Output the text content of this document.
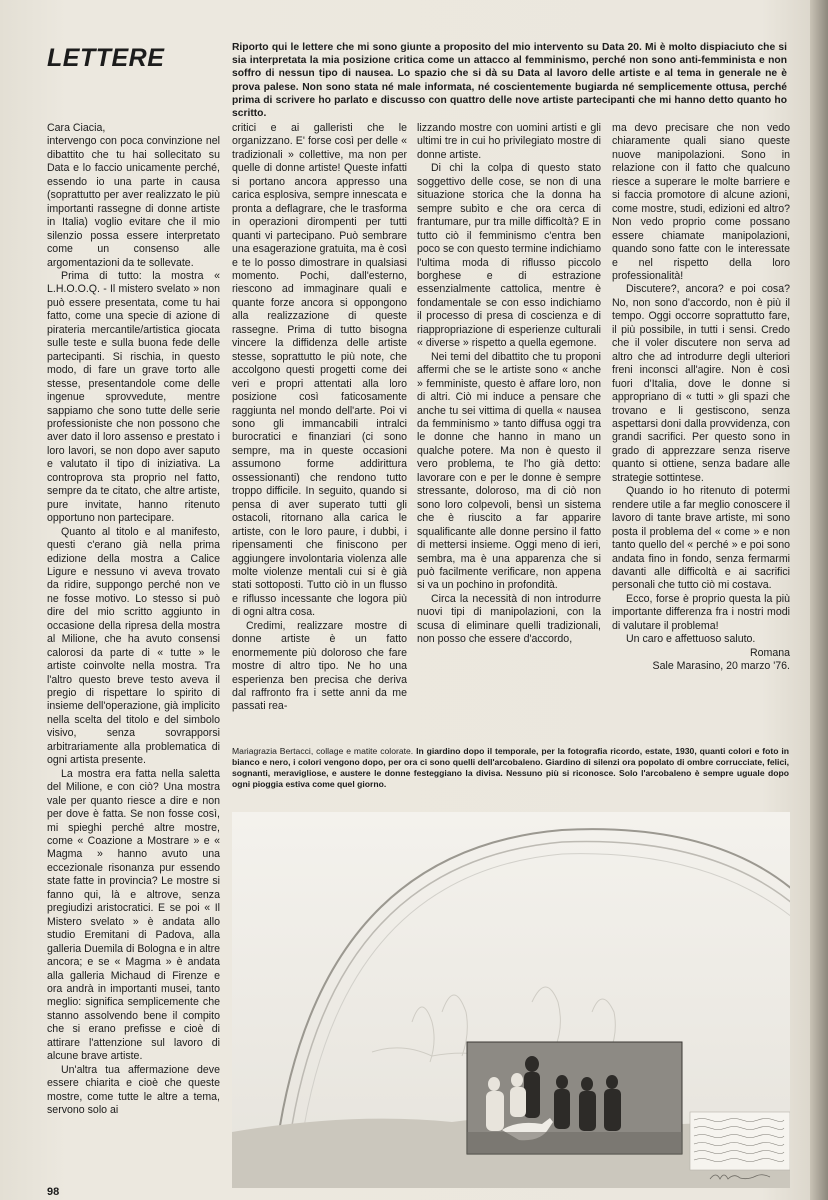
LETTERE	Riporto qui le lettere che mi sono giunte a proposito del mio intervento su Data 20. Mi è molto dispiaciuto che si sia interpretata la mia posizione critica come un attacco al femminismo, perché non sono anti-femminista e non soffro di nessun tipo di nausea. Lo spazio che si dà su Data al lavoro delle artiste e al tema in generale ne è prova palese. Non sono stata né male informata, né coscientemente bugiarda né semplicemente ottusa, perché prima di scrivere ho parlato e discusso con quattro delle nove artiste partecipanti che mi hanno detto quanto ho scritto.

Cara Ciacia,

intervengo con poca convinzione nel dibattito che tu hai sollecitato su Data e lo faccio unicamente perché, essendo io una parte in causa (soprattutto per aver realizzato le più importanti rassegne di donne artiste in Italia) voglio evitare che il mio silenzio possa essere interpretato come un consenso alle argomentazioni da te sollevate.

Prima di tutto: la mostra « L.H.O.O.Q. - Il mistero svelato » non può essere presentata, come tu hai fatto, come una specie di azione di pirateria mercantile/artistica giocata sulle teste e sulla buona fede delle partecipanti. Si rischia, in questo modo, di fare un grave torto alle stesse, presentandole come delle ingenue sprovvedute, mentre sappiamo che sono tutte delle serie professioniste che non possono che aver dato il loro assenso e prestato i loro lavori, se non dopo aver saputo e valutato il tipo di iniziativa. La controprova sta proprio nel fatto, sempre da te citato, che altre artiste, pure invitate, hanno ritenuto opportuno non partecipare.

Quanto al titolo e al manifesto, questi c'erano già nella prima edizione della mostra a Calice Ligure e nessuno vi aveva trovato da ridire, suppongo perché non ve ne fosse motivo. Lo stesso si può dire del mio scritto aggiunto in occasione della ripresa della mostra al Milione, che ha avuto consensi calorosi da parte di « tutte » le artiste coinvolte nella mostra. Tra l'altro questo breve testo aveva il pregio di rispettare lo spirito di insieme dell'operazione, già implicito nella scelta del titolo e del simbolo visivo, senza sovrapporsi arbitrariamente alla problematica di ogni artista presente.

La mostra era fatta nella saletta del Milione, e con ciò? Una mostra vale per quanto riesce a dire e non per dove è fatta. Se non fosse così, mi spieghi perché altre mostre, come « Coazione a Mostrare » e « Magma » hanno avuto una eccezionale risonanza pur essendo state fatte in provincia? Le mostre si fanno qui, là e altrove, senza pregiudizi aristocratici. E se poi « Il Mistero svelato » è andata allo studio Eremitani di Padova, alla galleria Duemila di Bologna e in altre ancora; e se « Magma » è andata alla galleria Michaud di Firenze e ora andrà in importanti musei, tanto meglio: significa semplicemente che stanno assolvendo bene il compito che si erano prefisse e cioè di attirare l'attenzione sul lavoro di alcune brave artiste.

Un'altra tua affermazione deve essere chiarita e cioè che queste mostre, come tutte le altre a tema, servono solo ai

critici e ai galleristi che le organizzano. E' forse così per delle « tradizionali » collettive, ma non per quelle di donne artiste! Queste infatti si portano ancora appresso una carica esplosiva, sempre innescata e pronta a deflagrare, che le trasforma in operazioni dirompenti per tutti quanti vi partecipano. Può sembrare una esagerazione gratuita, ma è così e te lo posso dimostrare in qualsiasi momento. Pochi, dall'esterno, riescono ad immaginare quali e quante forze ancora si oppongono alla realizzazione di queste rassegne. Prima di tutto bisogna vincere la diffidenza delle artiste stesse, soprattutto le più note, che accolgono questi progetti come dei veri e propri attentati alla loro posizione così faticosamente raggiunta nel mondo dell'arte. Poi vi sono gli immancabili intralci burocratici e finanziari (ci sono sempre, ma in queste occasioni assumono forme addirittura ossessionanti) che rendono tutto troppo difficile. In seguito, quando si pensa di aver superato tutti gli ostacoli, ritornano alla carica le artiste, con le loro paure, i dubbi, i ripensamenti che finiscono per aggiungere involontaria violenza alle molte violenze mentali cui si è già stati sottoposti. Tutto ciò in un flusso e riflusso incessante che logora più di ogni altra cosa.

Credimi, realizzare mostre di donne artiste è un fatto enormemente più doloroso che fare mostre di altro tipo. Ne ho una esperienza ben precisa che deriva dal raffronto fra i sette anni da me passati rea-

lizzando mostre con uomini artisti e gli ultimi tre in cui ho privilegiato mostre di donne artiste.

Di chi la colpa di questo stato soggettivo delle cose, se non di una situazione storica che la donna ha sempre subìto e che ora cerca di frantumare, pur tra mille difficoltà? E in tutto ciò il femminismo c'entra ben poco se con questo termine indichiamo l'ultima moda di riflusso piccolo borghese e di estrazione essenzialmente cattolica, mentre è fondamentale se con esso indichiamo il processo di presa di coscienza e di riappropriazione di esperienze culturali « diverse » rispetto a quella egemone.

Nei temi del dibattito che tu proponi affermi che se le artiste sono « anche » femministe, questo è affare loro, non di altri. Ciò mi induce a pensare che anche tu sei vittima di quella « nausea da femminismo » tanto diffusa oggi tra le donne che hanno in mano un qualche potere. Ma non è questo il vero problema, te l'ho già detto: lavorare con e per le donne è sempre stressante, doloroso, ma di ciò non sono loro colpevoli, bensì un sistema che è riuscito a far apparire squalificante alle donne persino il fatto di mettersi insieme. Oggi meno di ieri, sembra, ma è una apparenza che si può facilmente verificare, non appena si va un pochino in profondità.

Circa la necessità di non introdurre nuovi tipi di manipolazioni, con la scusa di eliminare quelli tradizionali, non posso che essere d'accordo,

ma devo precisare che non vedo chiaramente quali siano queste nuove manipolazioni. Sono in relazione con il fatto che qualcuno riesce a superare le molte barriere e si faccia promotore di alcune azioni, come mostre, studi, edizioni ed altro? Non vedo proprio come possano essere chiamate manipolazioni, quando sono fatte con le interessate e nel rispetto della loro professionalità!

Discutere?, ancora? e poi cosa? No, non sono d'accordo, non è più il tempo. Oggi occorre soprattutto fare, il più possibile, in tutti i sensi. Credo che il voler discutere non serva ad altro che ad introdurre degli ulteriori freni inconsci all'agire. Non è così fuori d'Italia, dove le donne si appropriano di « tutti » gli spazi che trovano e li gestiscono, senza aspettarsi doni dalla provvidenza, con grandi sacrifici. Per questo sono in grado di apprezzare senza riserve quanto si ottiene, senza badare alle strategie sottintese.

Quando io ho ritenuto di potermi rendere utile a far meglio conoscere il lavoro di tante brave artiste, mi sono posta il problema del « come » e non tanto quello del « perché » e poi sono andata fino in fondo, senza fermarmi davanti alle difficoltà e ai sacrifici personali che tutto ciò mi costava.

Ecco, forse è proprio questa la più importante differenza fra i nostri modi di valutare il problema!

Un caro e affettuoso saluto.

Romana

Sale Marasino, 20 marzo '76.

Mariagrazia Bertacci, collage e matite colorate. In giardino dopo il temporale, per la fotografia ricordo, estate, 1930, quanti colori e foto in bianco e nero, i colori vengono dopo, per ora ci sono quelli dell'arcobaleno. Giardino di silenzi ora popolato di ombre corrucciate, felici, sognanti, meravigliose, e austere le donne festeggiano la divisa. Nessuno più si riconosce. Solo l'arcobaleno è sempre uguale dopo ogni pioggia estiva come quel giorno.

98
